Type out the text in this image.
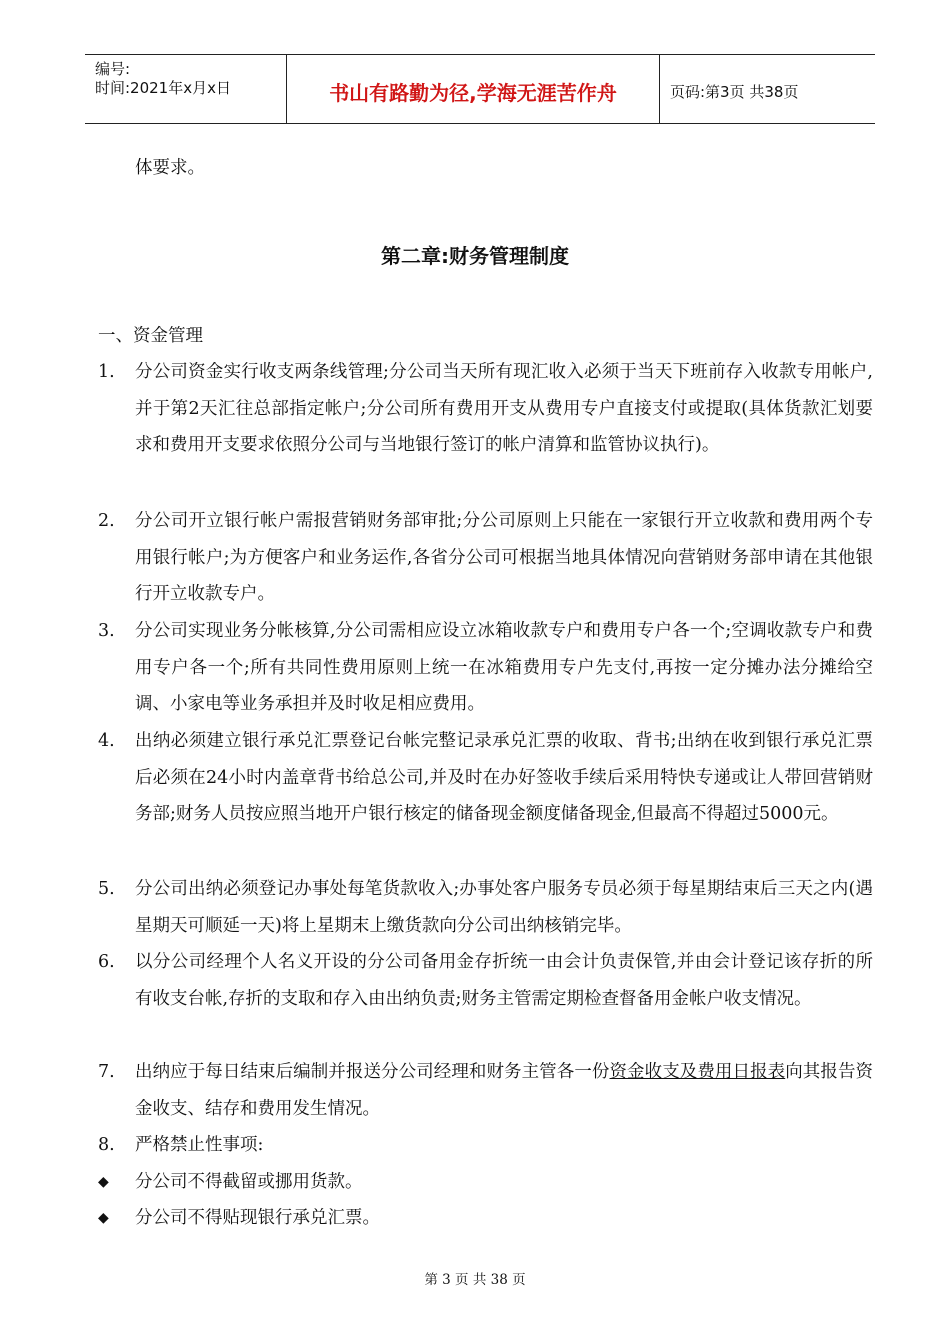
编号:
时间:2021年x月x日	书山有路勤为径,学海无涯苦作舟	页码:第3页 共38页
体要求。
第二章:财务管理制度
一、资金管理
1. 分公司资金实行收支两条线管理;分公司当天所有现汇收入必须于当天下班前存入收款专用帐户,并于第2天汇往总部指定帐户;分公司所有费用开支从费用专户直接支付或提取(具体货款汇划要求和费用开支要求依照分公司与当地银行签订的帐户清算和监管协议执行)。
2. 分公司开立银行帐户需报营销财务部审批;分公司原则上只能在一家银行开立收款和费用两个专用银行帐户;为方便客户和业务运作,各省分公司可根据当地具体情况向营销财务部申请在其他银行开立收款专户。
3. 分公司实现业务分帐核算,分公司需相应设立冰箱收款专户和费用专户各一个;空调收款专户和费用专户各一个;所有共同性费用原则上统一在冰箱费用专户先支付,再按一定分摊办法分摊给空调、小家电等业务承担并及时收足相应费用。
4. 出纳必须建立银行承兑汇票登记台帐完整记录承兑汇票的收取、背书;出纳在收到银行承兑汇票后必须在24小时内盖章背书给总公司,并及时在办好签收手续后采用特快专递或让人带回营销财务部;财务人员按应照当地开户银行核定的储备现金额度储备现金,但最高不得超过5000元。
5. 分公司出纳必须登记办事处每笔货款收入;办事处客户服务专员必须于每星期结束后三天之内(遇星期天可顺延一天)将上星期末上缴货款向分公司出纳核销完毕。
6. 以分公司经理个人名义开设的分公司备用金存折统一由会计负责保管,并由会计登记该存折的所有收支台帐,存折的支取和存入由出纳负责;财务主管需定期检查督备用金帐户收支情况。
7. 出纳应于每日结束后编制并报送分公司经理和财务主管各一份资金收支及费用日报表向其报告资金收支、结存和费用发生情况。
8. 严格禁止性事项:
◆ 分公司不得截留或挪用货款。
◆ 分公司不得贴现银行承兑汇票。
第 3 页 共 38 页
